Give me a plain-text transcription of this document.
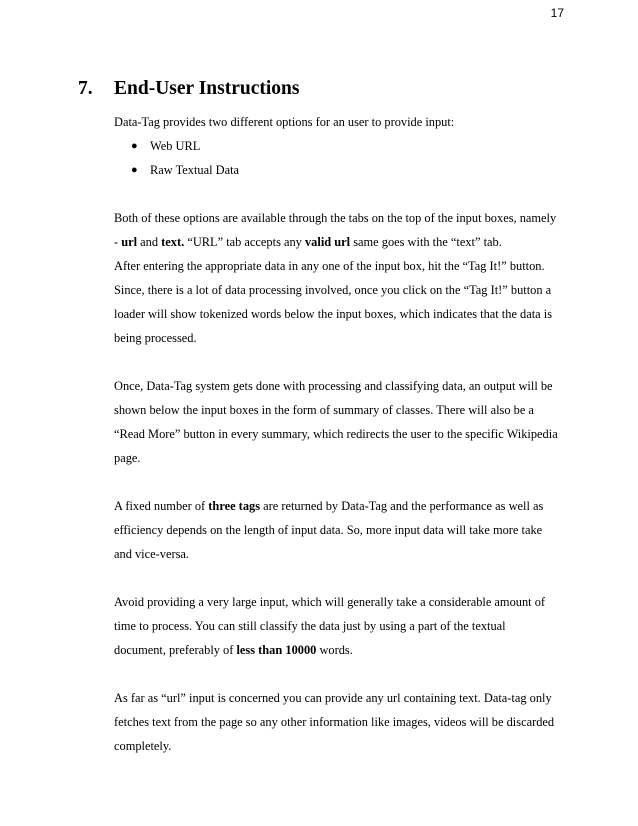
17
7. End-User Instructions

Data-Tag provides two different options for an user to provide input:

● Web URL
● Raw Textual Data

Both of these options are available through the tabs on the top of the input boxes, namely

- url and text. “URL” tab accepts any valid url same goes with the “text” tab.

After entering the appropriate data in any one of the input box, hit the “Tag It!” button.

Since, there is a lot of data processing involved, once you click on the “Tag It!” button a

loader will show tokenized words below the input boxes, which indicates that the data is

being processed.

Once, Data-Tag system gets done with processing and classifying data, an output will be

shown below the input boxes in the form of summary of classes. There will also be a

“Read More” button in every summary, which redirects the user to the specific Wikipedia

page.

A fixed number of three tags are returned by Data-Tag and the performance as well as

efficiency depends on the length of input data. So, more input data will take more take

and vice-versa.

Avoid providing a very large input, which will generally take a considerable amount of

time to process. You can still classify the data just by using a part of the textual

document, preferably of less than 10000 words.

As far as “url” input is concerned you can provide any url containing text. Data-tag only

fetches text from the page so any other information like images, videos will be discarded

completely.
